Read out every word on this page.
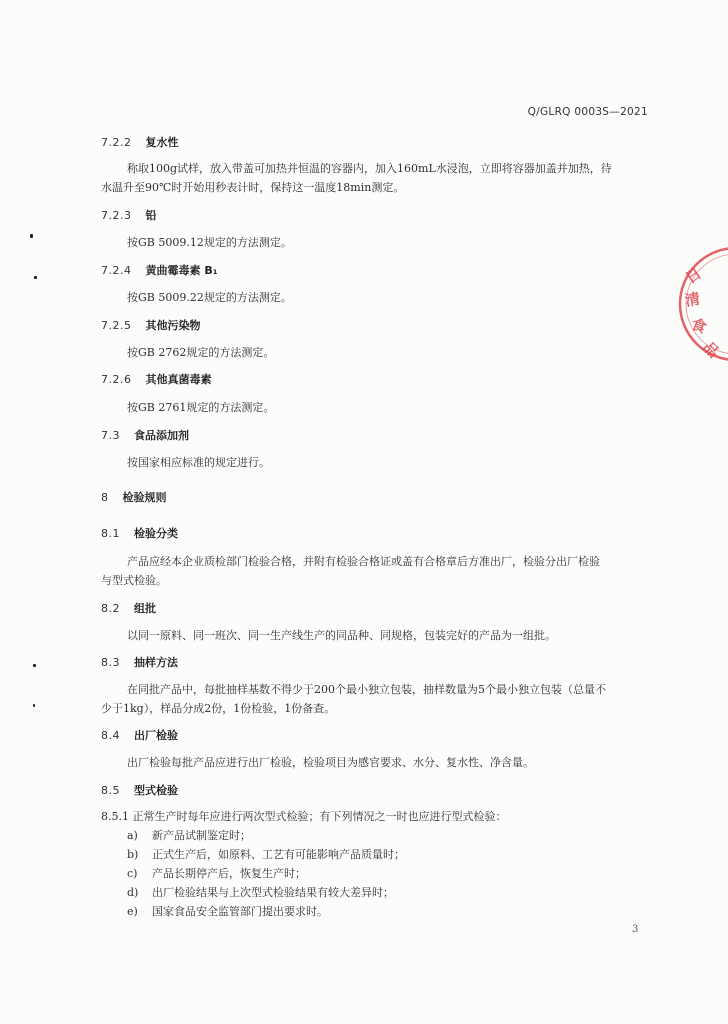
Q/GLRQ 0003S—2021
7.2.2 复水性
称取100g试样，放入带盖可加热并恒温的容器内，加入160mL水浸泡，立即将容器加盖并加热，待
水温升至90℃时开始用秒表计时，保持这一温度18min测定。
7.2.3 铅
按GB 5009.12规定的方法测定。
7.2.4 黄曲霉毒素 B₁
按GB 5009.22规定的方法测定。
7.2.5 其他污染物
按GB 2762规定的方法测定。
7.2.6 其他真菌毒素
按GB 2761规定的方法测定。
7.3 食品添加剂
按国家相应标准的规定进行。
8 检验规则
8.1 检验分类
产品应经本企业质检部门检验合格，并附有检验合格证或盖有合格章后方准出厂，检验分出厂检验
与型式检验。
8.2 组批
以同一原料、同一班次、同一生产线生产的同品种、同规格，包装完好的产品为一组批。
8.3 抽样方法
在同批产品中，每批抽样基数不得少于200个最小独立包装，抽样数量为5个最小独立包装（总量不
少于1kg），样品分成2份，1份检验，1份备查。
8.4 出厂检验
出厂检验每批产品应进行出厂检验，检验项目为感官要求、水分、复水性、净含量。
8.5 型式检验
8.5.1 正常生产时每年应进行两次型式检验；有下列情况之一时也应进行型式检验：
a) 新产品试制鉴定时；
b) 正式生产后，如原料、工艺有可能影响产品质量时；
c) 产品长期停产后，恢复生产时；
d) 出厂检验结果与上次型式检验结果有较大差异时；
e) 国家食品安全监管部门提出要求时。
3
日
清
食
品
